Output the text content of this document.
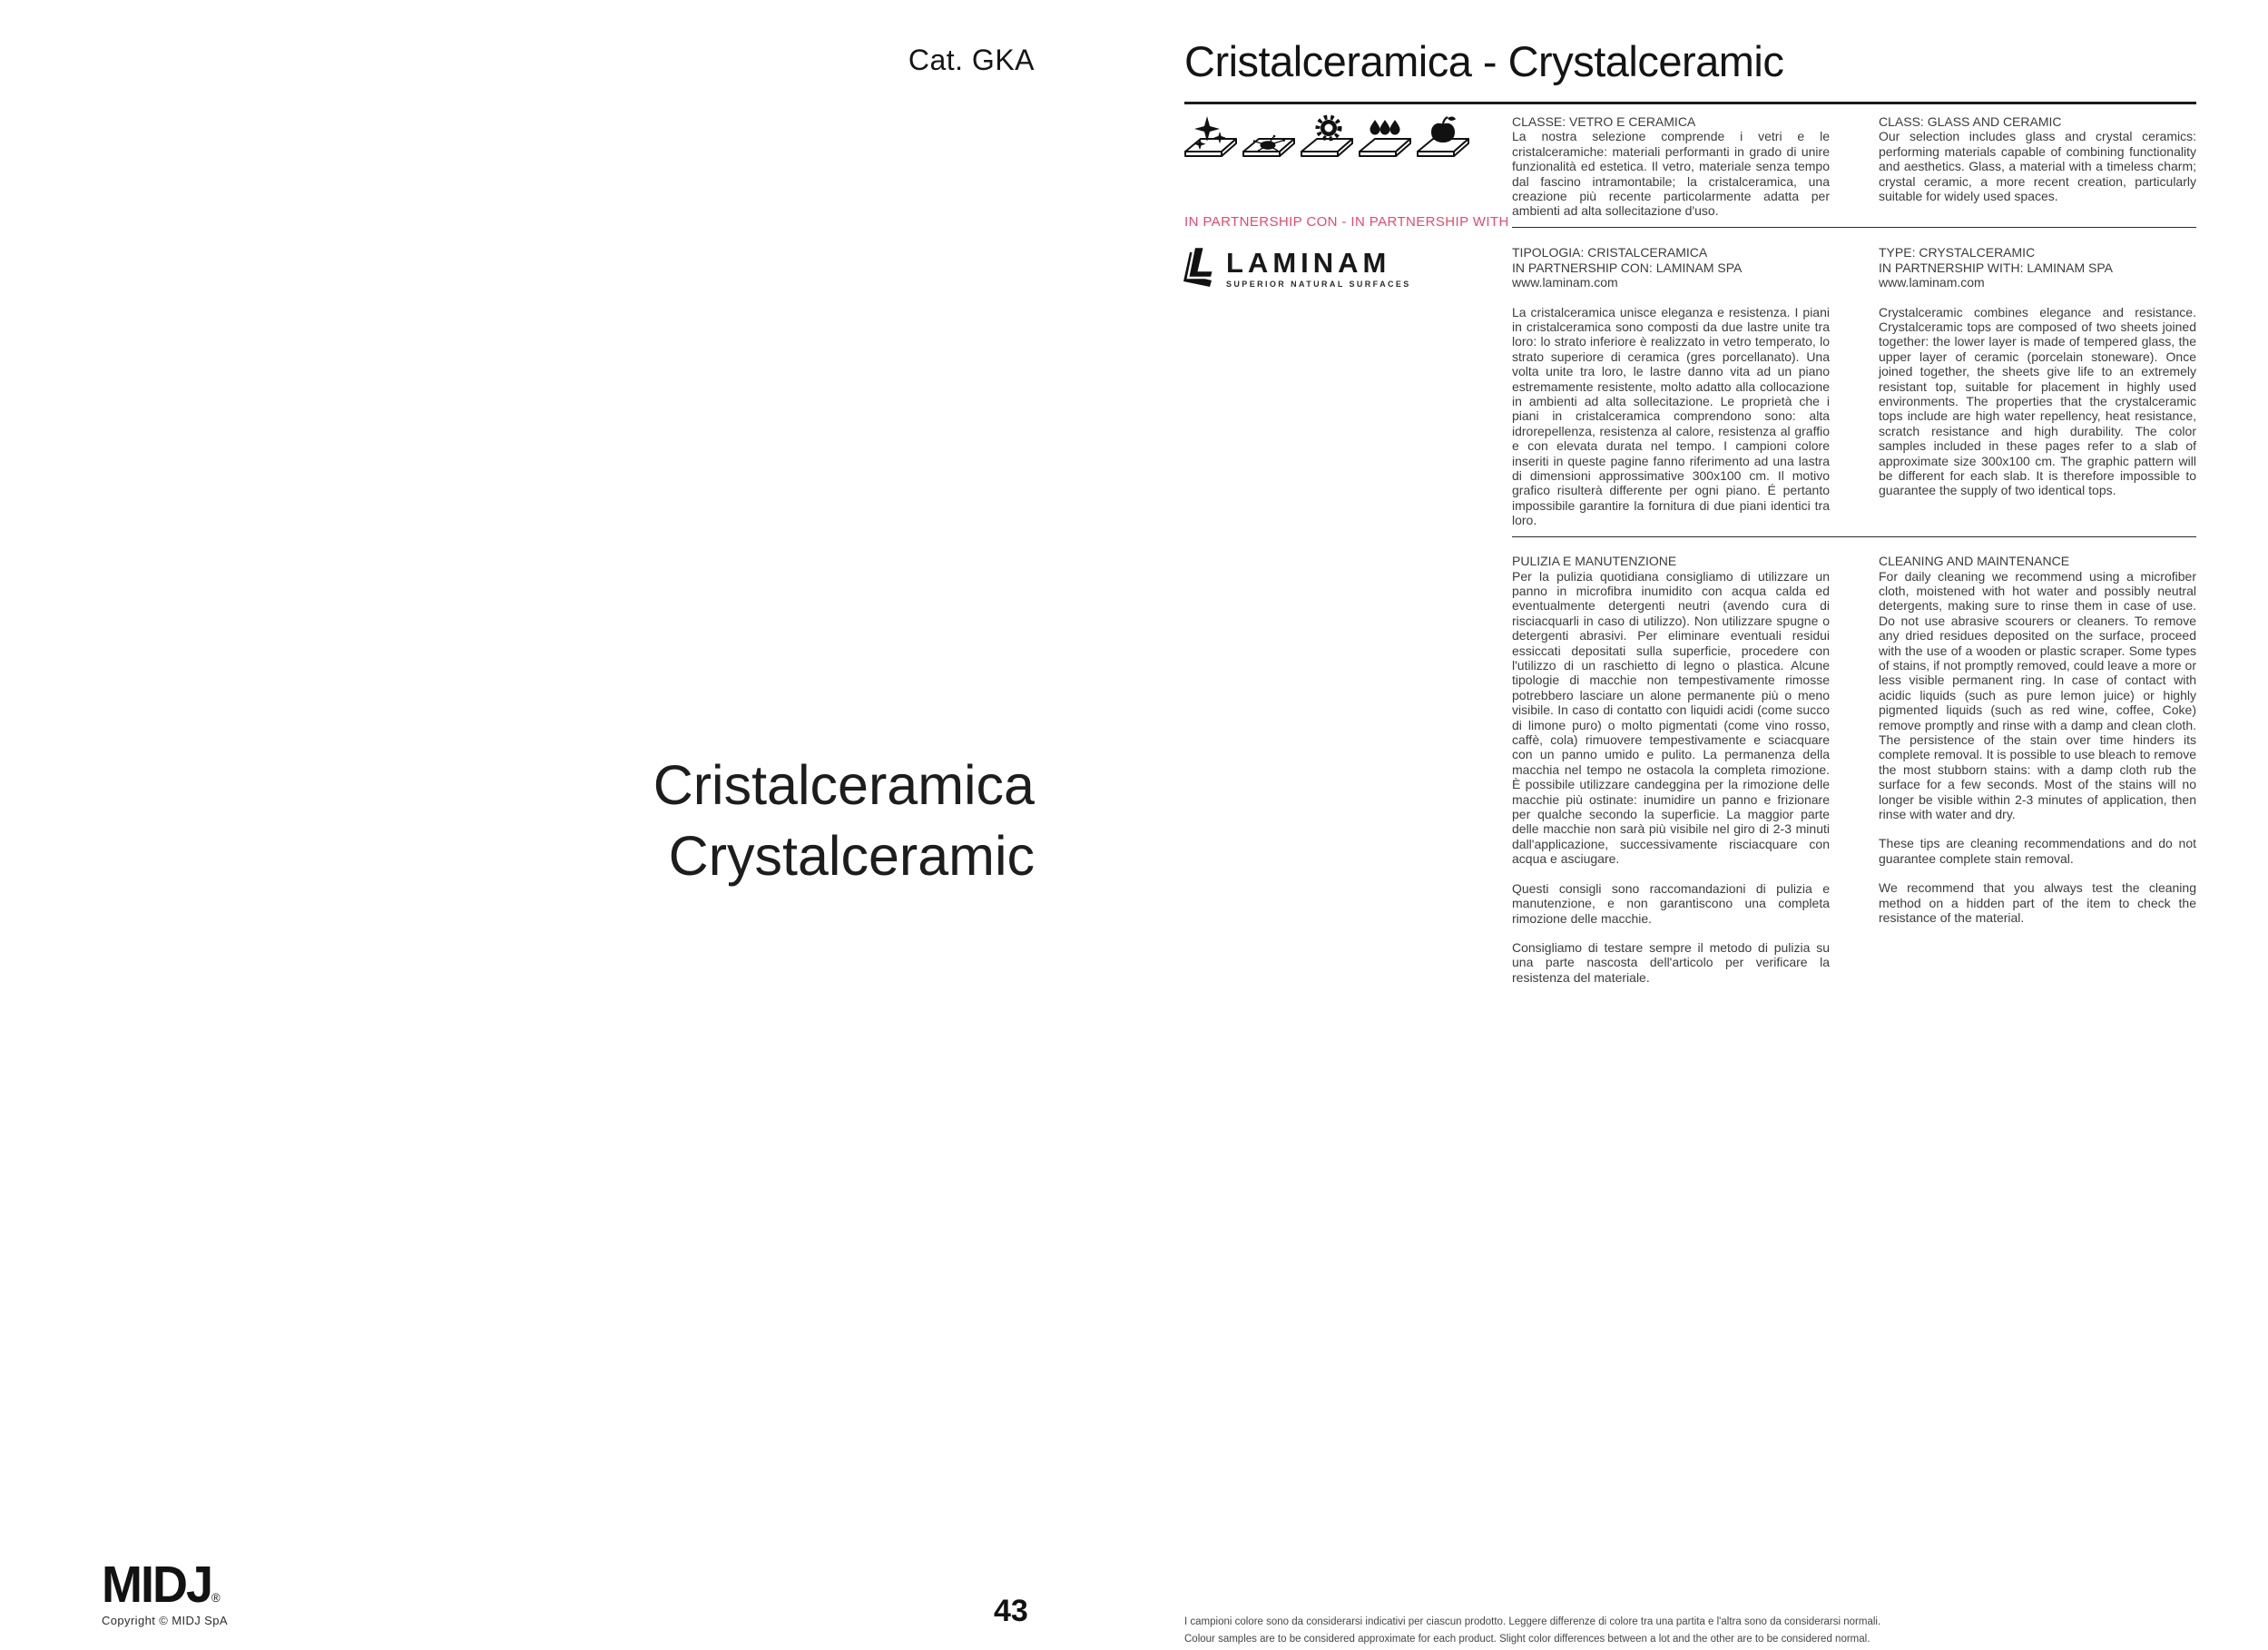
Cat. GKA	Cristalceramica - Crystalceramic
IN PARTNERSHIP CON - IN PARTNERSHIP WITH
LAMINAM
SUPERIOR NATURAL SURFACES

CLASSE: VETRO E CERAMICA

La nostra selezione comprende i vetri e le cristalceramiche: materiali performanti in grado di unire funzionalità ed estetica. Il vetro, materiale senza tempo dal fascino intramontabile; la cristalceramica, una creazione più recente particolarmente adatta per ambienti ad alta sollecitazione d'uso.

CLASS: GLASS AND CERAMIC

Our selection includes glass and crystal ceramics: performing materials capable of combining functionality and aesthetics. Glass, a material with a timeless charm; crystal ceramic, a more recent creation, particularly suitable for widely used spaces.

TIPOLOGIA: CRISTALCERAMICA

IN PARTNERSHIP CON: LAMINAM SPA

www.laminam.com

La cristalceramica unisce eleganza e resistenza. I piani in cristalceramica sono composti da due lastre unite tra loro: lo strato inferiore è realizzato in vetro temperato, lo strato superiore di ceramica (gres porcellanato). Una volta unite tra loro, le lastre danno vita ad un piano estremamente resistente, molto adatto alla collocazione in ambienti ad alta sollecitazione. Le proprietà che i piani in cristalceramica comprendono sono: alta idrorepellenza, resistenza al calore, resistenza al graffio e con elevata durata nel tempo. I campioni colore inseriti in queste pagine fanno riferimento ad una lastra di dimensioni approssimative 300x100 cm. Il motivo grafico risulterà differente per ogni piano. É pertanto impossibile garantire la fornitura di due piani identici tra loro.

TYPE: CRYSTALCERAMIC

IN PARTNERSHIP WITH: LAMINAM SPA

www.laminam.com

Crystalceramic combines elegance and resistance. Crystalceramic tops are composed of two sheets joined together: the lower layer is made of tempered glass, the upper layer of ceramic (porcelain stoneware). Once joined together, the sheets give life to an extremely resistant top, suitable for placement in highly used environments. The properties that the crystalceramic tops include are high water repellency, heat resistance, scratch resistance and high durability. The color samples included in these pages refer to a slab of approximate size 300x100 cm. The graphic pattern will be different for each slab. It is therefore impossible to guarantee the supply of two identical tops.

PULIZIA E MANUTENZIONE

Per la pulizia quotidiana consigliamo di utilizzare un panno in microfibra inumidito con acqua calda ed eventualmente detergenti neutri (avendo cura di risciacquarli in caso di utilizzo). Non utilizzare spugne o detergenti abrasivi. Per eliminare eventuali residui essiccati depositati sulla superficie, procedere con l'utilizzo di un raschietto di legno o plastica. Alcune tipologie di macchie non tempestivamente rimosse potrebbero lasciare un alone permanente più o meno visibile. In caso di contatto con liquidi acidi (come succo di limone puro) o molto pigmentati (come vino rosso, caffè, cola) rimuovere tempestivamente e sciacquare con un panno umido e pulito. La permanenza della macchia nel tempo ne ostacola la completa rimozione. È possibile utilizzare candeggina per la rimozione delle macchie più ostinate: inumidire un panno e frizionare per qualche secondo la superficie. La maggior parte delle macchie non sarà più visibile nel giro di 2-3 minuti dall'applicazione, successivamente risciacquare con acqua e asciugare.

Questi consigli sono raccomandazioni di pulizia e manutenzione, e non garantiscono una completa rimozione delle macchie.

Consigliamo di testare sempre il metodo di pulizia su una parte nascosta dell'articolo per verificare la resistenza del materiale.

CLEANING AND MAINTENANCE

For daily cleaning we recommend using a microfiber cloth, moistened with hot water and possibly neutral detergents, making sure to rinse them in case of use. Do not use abrasive scourers or cleaners. To remove any dried residues deposited on the surface, proceed with the use of a wooden or plastic scraper. Some types of stains, if not promptly removed, could leave a more or less visible permanent ring. In case of contact with acidic liquids (such as pure lemon juice) or highly pigmented liquids (such as red wine, coffee, Coke) remove promptly and rinse with a damp and clean cloth. The persistence of the stain over time hinders its complete removal. It is possible to use bleach to remove the most stubborn stains: with a damp cloth rub the surface for a few seconds. Most of the stains will no longer be visible within 2-3 minutes of application, then rinse with water and dry.

These tips are cleaning recommendations and do not guarantee complete stain removal.

We recommend that you always test the cleaning method on a hidden part of the item to check the resistance of the material.

Cristalceramica
Crystalceramic
MIDJ®
Copyright © MIDJ SpA	43	I campioni colore sono da considerarsi indicativi per ciascun prodotto. Leggere differenze di colore tra una partita e l'altra sono da considerarsi normali.
Colour samples are to be considered approximate for each product. Slight color differences between a lot and the other are to be considered normal.
